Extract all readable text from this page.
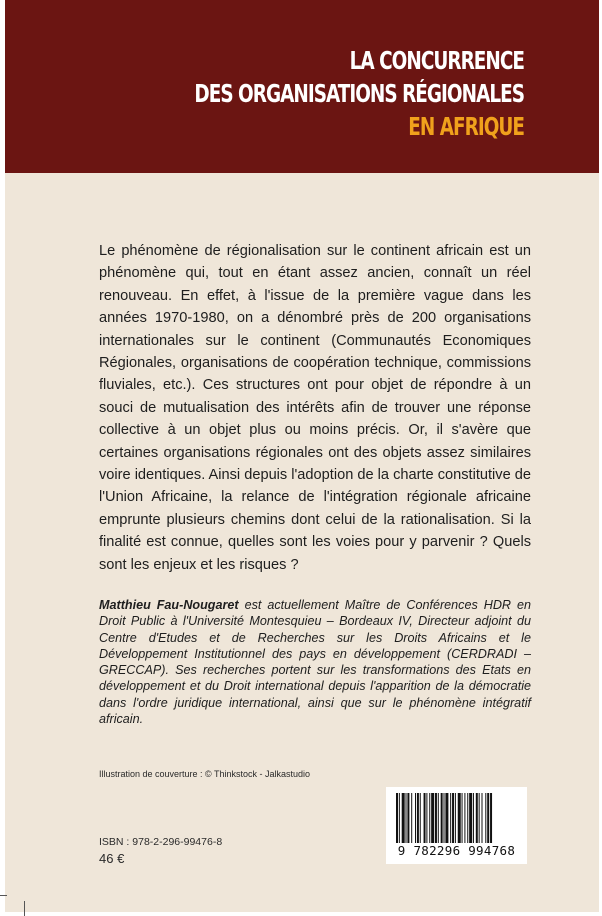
LA CONCURRENCE
DES ORGANISATIONS RÉGIONALES
EN AFRIQUE
Le phénomène de régionalisation sur le continent africain est un phénomène qui, tout en étant assez ancien, connaît un réel renouveau. En effet, à l'issue de la première vague dans les années 1970-1980, on a dénombré près de 200 organisations internationales sur le continent (Communautés Economiques Régionales, organisations de coopération technique, commissions fluviales, etc.). Ces structures ont pour objet de répondre à un souci de mutualisation des intérêts afin de trouver une réponse collective à un objet plus ou moins précis. Or, il s'avère que certaines organisations régionales ont des objets assez similaires voire identiques. Ainsi depuis l'adoption de la charte constitutive de l'Union Africaine, la relance de l'intégration régionale africaine emprunte plusieurs chemins dont celui de la rationalisation. Si la finalité est connue, quelles sont les voies pour y parvenir ? Quels sont les enjeux et les risques ?
Matthieu Fau-Nougaret est actuellement Maître de Conférences HDR en Droit Public à l'Université Montesquieu – Bordeaux IV, Directeur adjoint du Centre d'Etudes et de Recherches sur les Droits Africains et le Développement Institutionnel des pays en développement (CERDRADI – GRECCAP). Ses recherches portent sur les transformations des Etats en développement et du Droit international depuis l'apparition de la démocratie dans l'ordre juridique international, ainsi que sur le phénomène intégratif africain.
Illustration de couverture : © Thinkstock - Jalkastudio
ISBN : 978-2-296-99476-8
46 €
9 782296 994768
